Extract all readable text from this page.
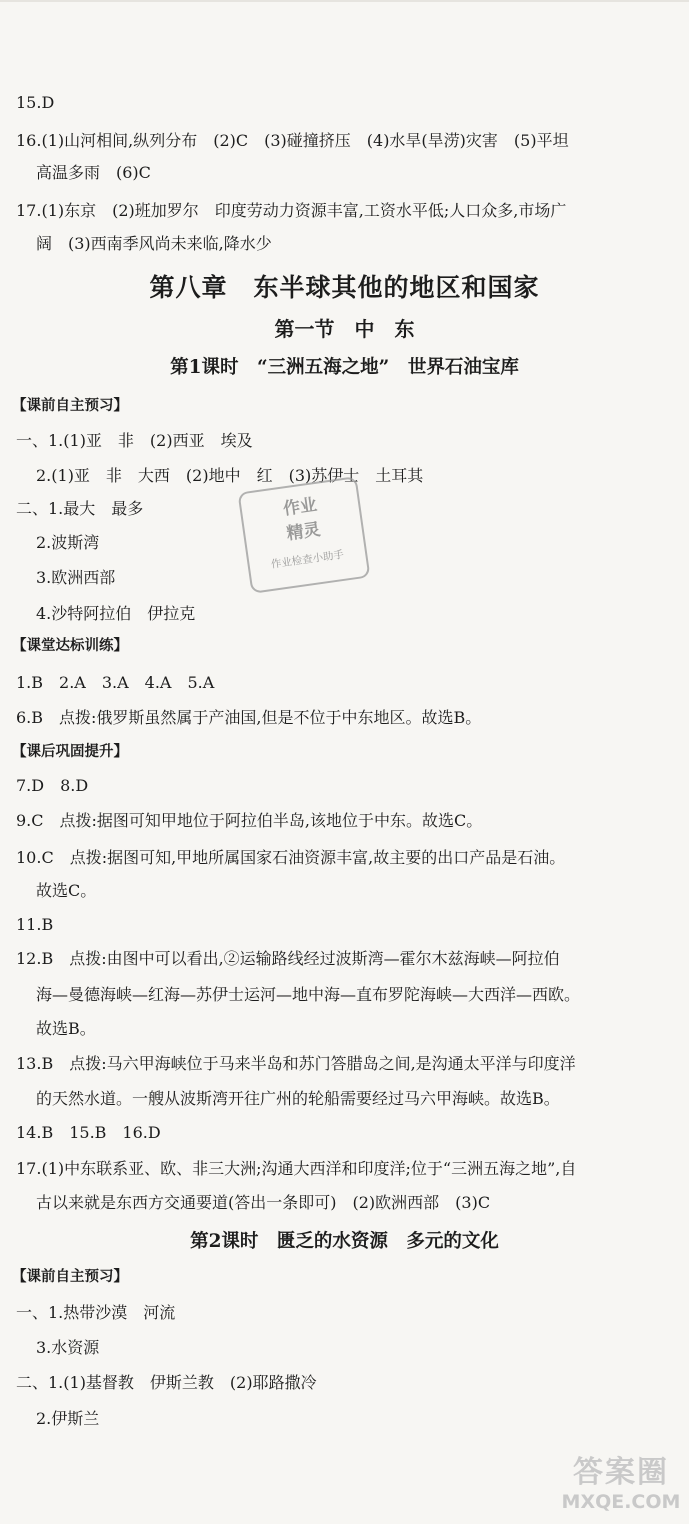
15.D
16.(1)山河相间,纵列分布　(2)C　(3)碰撞挤压　(4)水旱(旱涝)灾害　(5)平坦
高温多雨　(6)C
17.(1)东京　(2)班加罗尔　印度劳动力资源丰富,工资水平低;人口众多,市场广
阔　(3)西南季风尚未来临,降水少
第八章　东半球其他的地区和国家
第一节　中　东
第1课时　“三洲五海之地”　世界石油宝库
【课前自主预习】
一、1.(1)亚　非　(2)西亚　埃及
2.(1)亚　非　大西　(2)地中　红　(3)苏伊士　土耳其
二、1.最大　最多
2.波斯湾
3.欧洲西部
4.沙特阿拉伯　伊拉克
作业
精灵
作业检查小助手
【课堂达标训练】
1.B　2.A　3.A　4.A　5.A
6.B　点拨:俄罗斯虽然属于产油国,但是不位于中东地区。故选B。
【课后巩固提升】
7.D　8.D
9.C　点拨:据图可知甲地位于阿拉伯半岛,该地位于中东。故选C。
10.C　点拨:据图可知,甲地所属国家石油资源丰富,故主要的出口产品是石油。
故选C。
11.B
12.B　点拨:由图中可以看出,②运输路线经过波斯湾—霍尔木兹海峡—阿拉伯
海—曼德海峡—红海—苏伊士运河—地中海—直布罗陀海峡—大西洋—西欧。
故选B。
13.B　点拨:马六甲海峡位于马来半岛和苏门答腊岛之间,是沟通太平洋与印度洋
的天然水道。一艘从波斯湾开往广州的轮船需要经过马六甲海峡。故选B。
14.B　15.B　16.D
17.(1)中东联系亚、欧、非三大洲;沟通大西洋和印度洋;位于“三洲五海之地”,自
古以来就是东西方交通要道(答出一条即可)　(2)欧洲西部　(3)C
第2课时　匮乏的水资源　多元的文化
【课前自主预习】
一、1.热带沙漠　河流
3.水资源
二、1.(1)基督教　伊斯兰教　(2)耶路撒冷
2.伊斯兰
答案圈
MXQE.COM
